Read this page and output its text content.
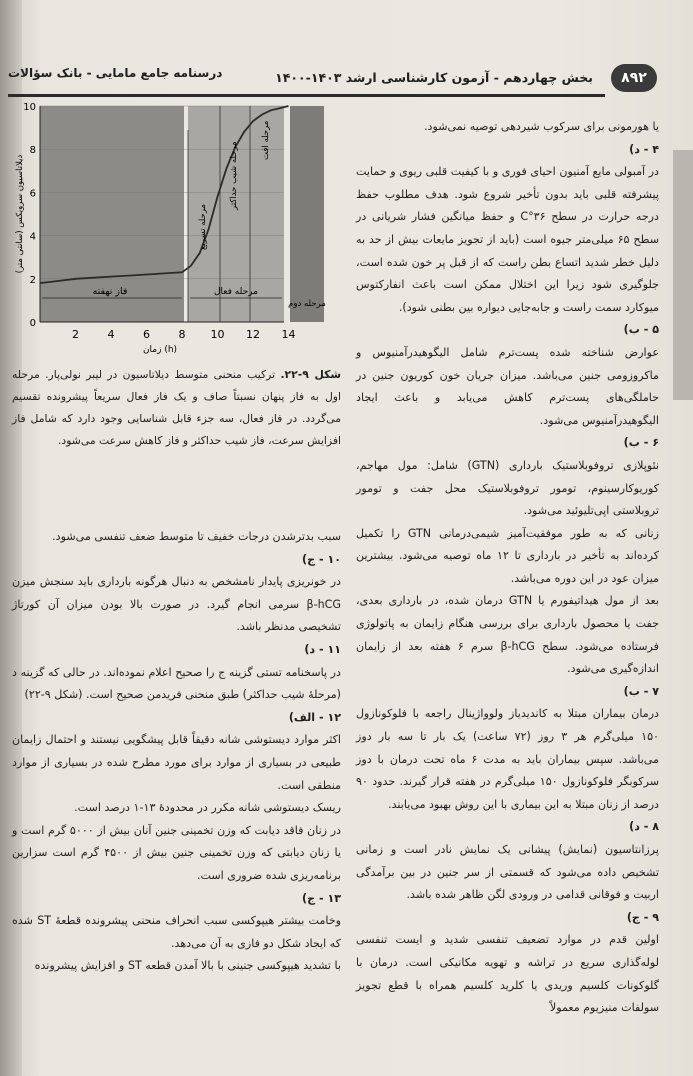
درسنامه جامع مامایی - بانک سؤالات	بخش چهاردهم - آزمون کارشناسی ارشد ۱۴۰۳-۱۴۰۰	۸۹۲
2	4	6	8 10 12 14
0
2
4
6
8
10
فاز نهفته	مرحله فعال
مرحله تسریع
مرحله شیب حداکثر
مرحله افت
مرحله دوم
دیلاتاسیون سرویکس (سانتی متر)
زمان (h)

شکل ۹-۲۲. ترکیب منحنی متوسط دیلاتاسیون در لیبر نولی‌پار. مرحله اول به فاز پنهان نسبتاً صاف و یک فاز فعال سریعاً پیشرونده تقسیم می‌گردد. در فاز فعال، سه جزء قابل شناسایی وجود دارد که شامل فاز افزایش سرعت، فاز شیب حداکثر و فاز کاهش سرعت می‌شود.

سبب بدترشدن درجات خفیف تا متوسط ضعف تنفسی می‌شود.

۱۰ - ج)

در خونریزی پایدار نامشخص به دنبال هرگونه بارداری باید سنجش میزن β-hCG سرمی انجام گیرد. در صورت بالا بودن میزان آن کورتاژ تشخیصی مدنظر باشد.

۱۱ - د)

در پاسخنامه تستی گزینه ج را صحیح اعلام نموده‌اند. در حالی که گزینه د (مرحلهٔ شیب حداکثر) طبق منحنی فریدمن صحیح است. (شکل ۹-۲۲)

۱۲ - الف)

اکثر موارد دیستوشی شانه دقیقاً قابل پیشگویی نیستند و احتمال زایمان طبیعی در بسیاری از موارد برای مورد مطرح شده در بسیاری از موارد منطقی است.

ریسک دیستوشی شانه مکرر در محدودهٔ ۱۳-۱ درصد است.

در زنان فاقد دیابت که وزن تخمینی جنین آنان بیش از ۵۰۰۰ گرم است و یا زنان دیابتی که وزن تخمینی جنین بیش از ۴۵۰۰ گرم است سزارین برنامه‌ریزی شده ضروری است.

۱۳ - ج)

وخامت بیشتر هیپوکسی سبب انحراف منحنی پیشرونده قطعهٔ ST شده که ایجاد شکل دو فازی به آن می‌دهد.

با تشدید هیپوکسی جنینی با بالا آمدن قطعه ST و افزایش پیشرونده

یا هورمونی برای سرکوب شیردهی توصیه نمی‌شود.

۴ - د)

در آمبولی مایع آمنیون احیای فوری و با کیفیت قلبی ریوی و حمایت پیشرفته قلبی باید بدون تأخیر شروع شود. هدف مطلوب حفظ درجه حرارت در سطح ۳۶°C و حفظ میانگین فشار شریانی در سطح ۶۵ میلی‌متر جیوه است (باید از تجویز مایعات بیش از حد به دلیل خطر شدید اتساع بطن راست که از قبل پر خون شده است، جلوگیری شود زیرا این اختلال ممکن است باعث انفارکتوس میوکارد سمت راست و جابه‌جایی دیواره بین بطنی شود).

۵ - ب)

عوارض شناخته شده پست‌ترم شامل الیگوهیدرآمنیوس و ماکروزومی جنین می‌باشد. میزان جریان خون کوریون جنین در حاملگی‌های پست‌ترم کاهش می‌یابد و باعث ایجاد الیگوهیدرآمنیوس می‌شود.

۶ - ب)

نئوپلازی تروفوبلاستیک بارداری (GTN) شامل: مول مهاجم، کوریوکارسینوم، تومور تروفوبلاستیک محل جفت و تومور تروبلاستی اپی‌تلیوئید می‌شود.

زنانی که به طور موفقیت‌آمیز شیمی‌درمانی GTN را تکمیل کرده‌اند به تأخیر در بارداری تا ۱۲ ماه توصیه می‌شود. بیشترین میزان عود در این دوره می‌باشد.

بعد از مول هیداتیفورم یا GTN درمان شده، در بارداری بعدی، جفت یا محصول بارداری برای بررسی هنگام زایمان به پاتولوژی فرستاده می‌شود. سطح β-hCG سرم ۶ هفته بعد از زایمان اندازه‌گیری می‌شود.

۷ - ب)

درمان بیماران مبتلا به کاندیدیاز ولوواژینال راجعه با فلوکونازول ۱۵۰ میلی‌گرم هر ۳ روز (۷۲ ساعت) یک بار تا سه بار دوز می‌باشد. سپس بیماران باید به مدت ۶ ماه تحت درمان با دوز سرکوبگر فلوکونازول ۱۵۰ میلی‌گرم در هفته قرار گیرند. حدود ۹۰ درصد از زنان مبتلا به این بیماری با این روش بهبود می‌یابند.

۸ - د)

پرزانتاسیون (نمایش) پیشانی یک نمایش نادر است و زمانی تشخیص داده می‌شود که قسمتی از سر جنین در بین برآمدگی اربیت و فوقانی قدامی در ورودی لگن ظاهر شده باشد.

۹ - ج)

اولین قدم در موارد تضعیف تنفسی شدید و ایست تنفسی لوله‌گذاری سریع در تراشه و تهویه مکانیکی است. درمان با گلوکونات کلسیم وریدی یا کلرید کلسیم همراه با قطع تجویز سولفات منیزیوم معمولاً
